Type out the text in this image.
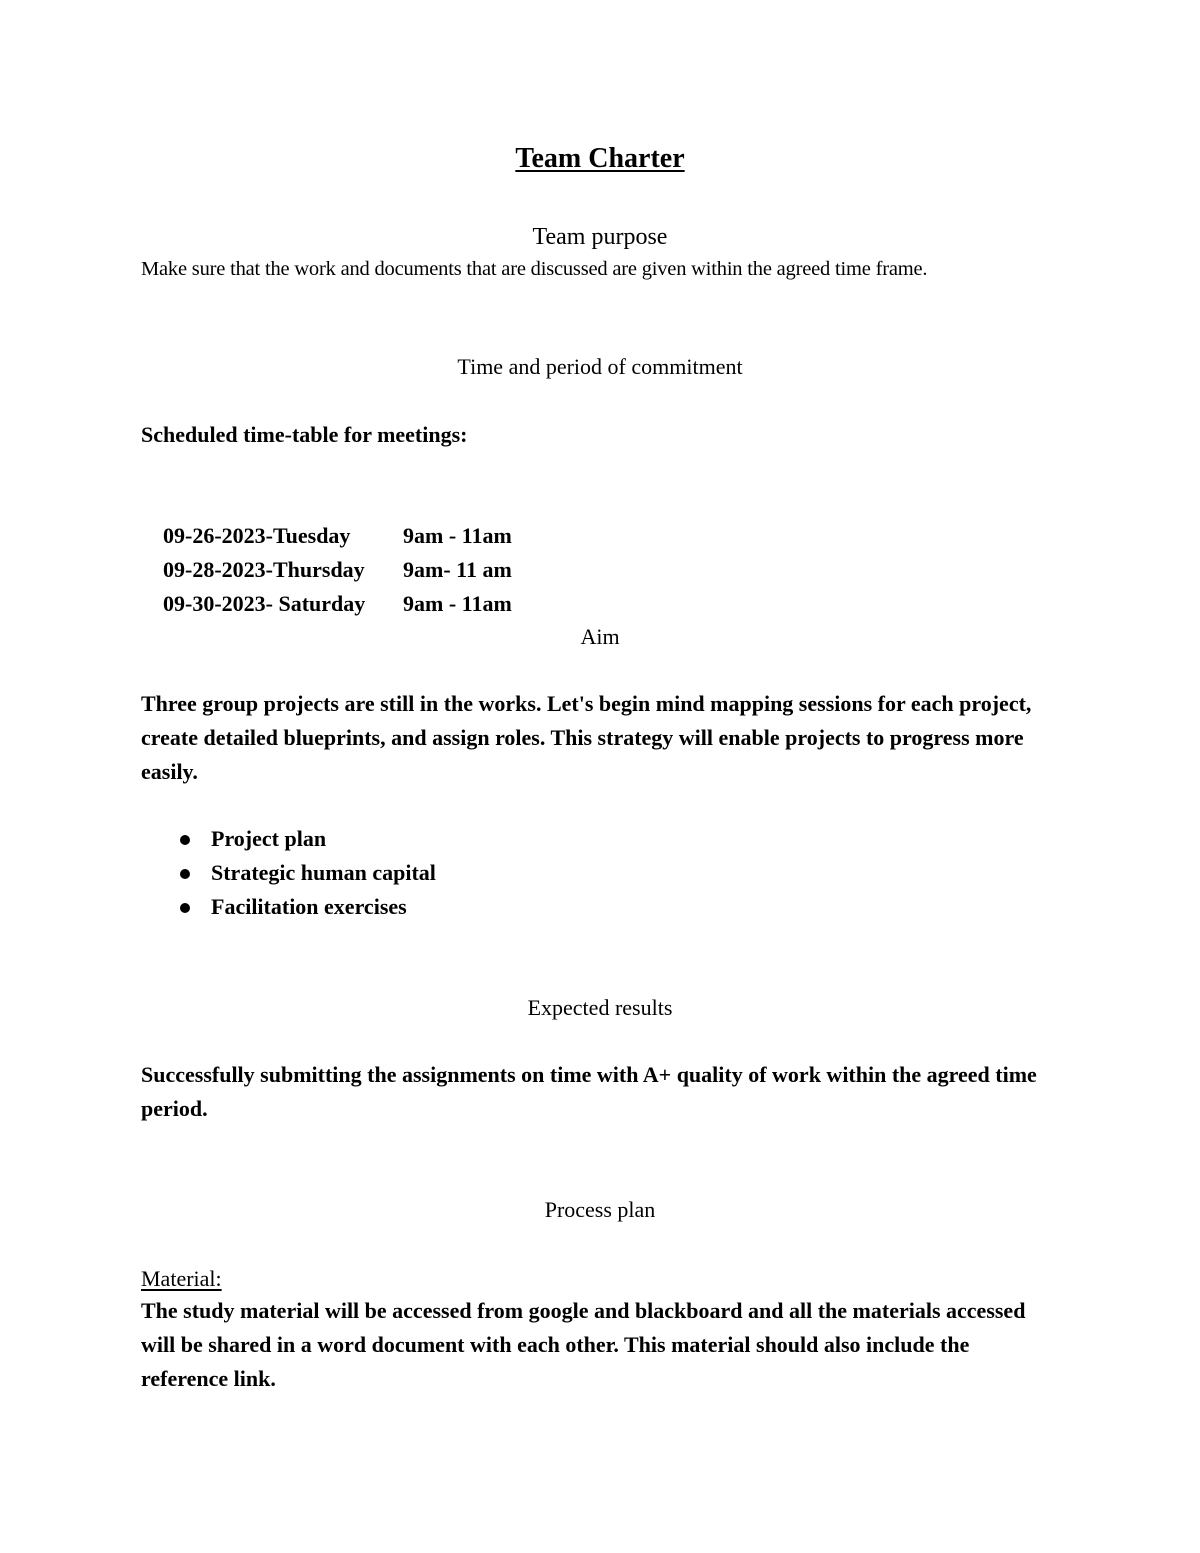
Team Charter
Team purpose
Make sure that the work and documents that are discussed are given within the agreed time frame.
Time and period of commitment
Scheduled time-table for meetings:

09-26-2023-Tuesday 9am - 11am

09-28-2023-Thursday 9am- 11 am

09-30-2023- Saturday 9am - 11am

Aim
Three group projects are still in the works. Let's begin mind mapping sessions for each project, create detailed blueprints, and assign roles. This strategy will enable projects to progress more easily.
Project plan
Strategic human capital
Facilitation exercises
Expected results
Successfully submitting the assignments on time with A+ quality of work within the agreed time period.
Process plan
Material:
The study material will be accessed from google and blackboard and all the materials accessed will be shared in a word document with each other. This material should also include the reference link.
